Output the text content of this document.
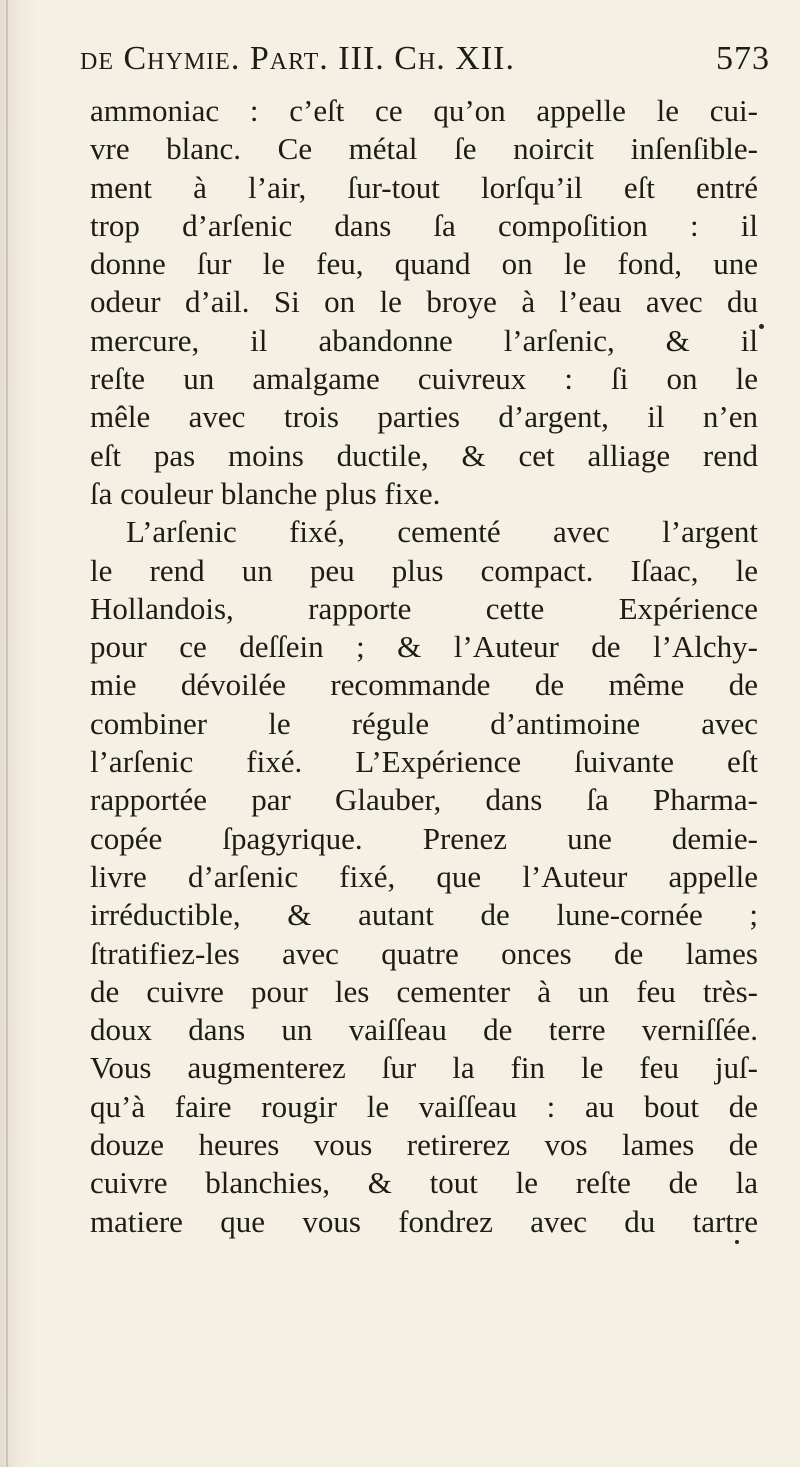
de Chymie. Part. III. Ch. XII.	573
ammoniac : c’eſt ce qu’on appelle le cui-
vre blanc. Ce métal ſe noircit inſenſible-
ment à l’air, ſur-tout lorſqu’il eſt entré
trop d’arſenic dans ſa compoſition : il
donne ſur le feu, quand on le fond, une
odeur d’ail. Si on le broye à l’eau avec du
mercure, il abandonne l’arſenic, & il
reſte un amalgame cuivreux : ſi on le
mêle avec trois parties d’argent, il n’en
eſt pas moins ductile, & cet alliage rend
ſa couleur blanche plus fixe.
L’arſenic fixé, cementé avec l’argent
le rend un peu plus compact. Iſaac, le
Hollandois, rapporte cette Expérience
pour ce deſſein ; & l’Auteur de l’Alchy-
mie dévoilée recommande de même de
combiner le régule d’antimoine avec
l’arſenic fixé. L’Expérience ſuivante eſt
rapportée par Glauber, dans ſa Pharma-
copée ſpagyrique. Prenez une demie-
livre d’arſenic fixé, que l’Auteur appelle
irréductible, & autant de lune-cornée ;
ſtratifiez-les avec quatre onces de lames
de cuivre pour les cementer à un feu très-
doux dans un vaiſſeau de terre verniſſée.
Vous augmenterez ſur la fin le feu juſ-
qu’à faire rougir le vaiſſeau : au bout de
douze heures vous retirerez vos lames de
cuivre blanchies, & tout le reſte de la
matiere que vous fondrez avec du tartre
